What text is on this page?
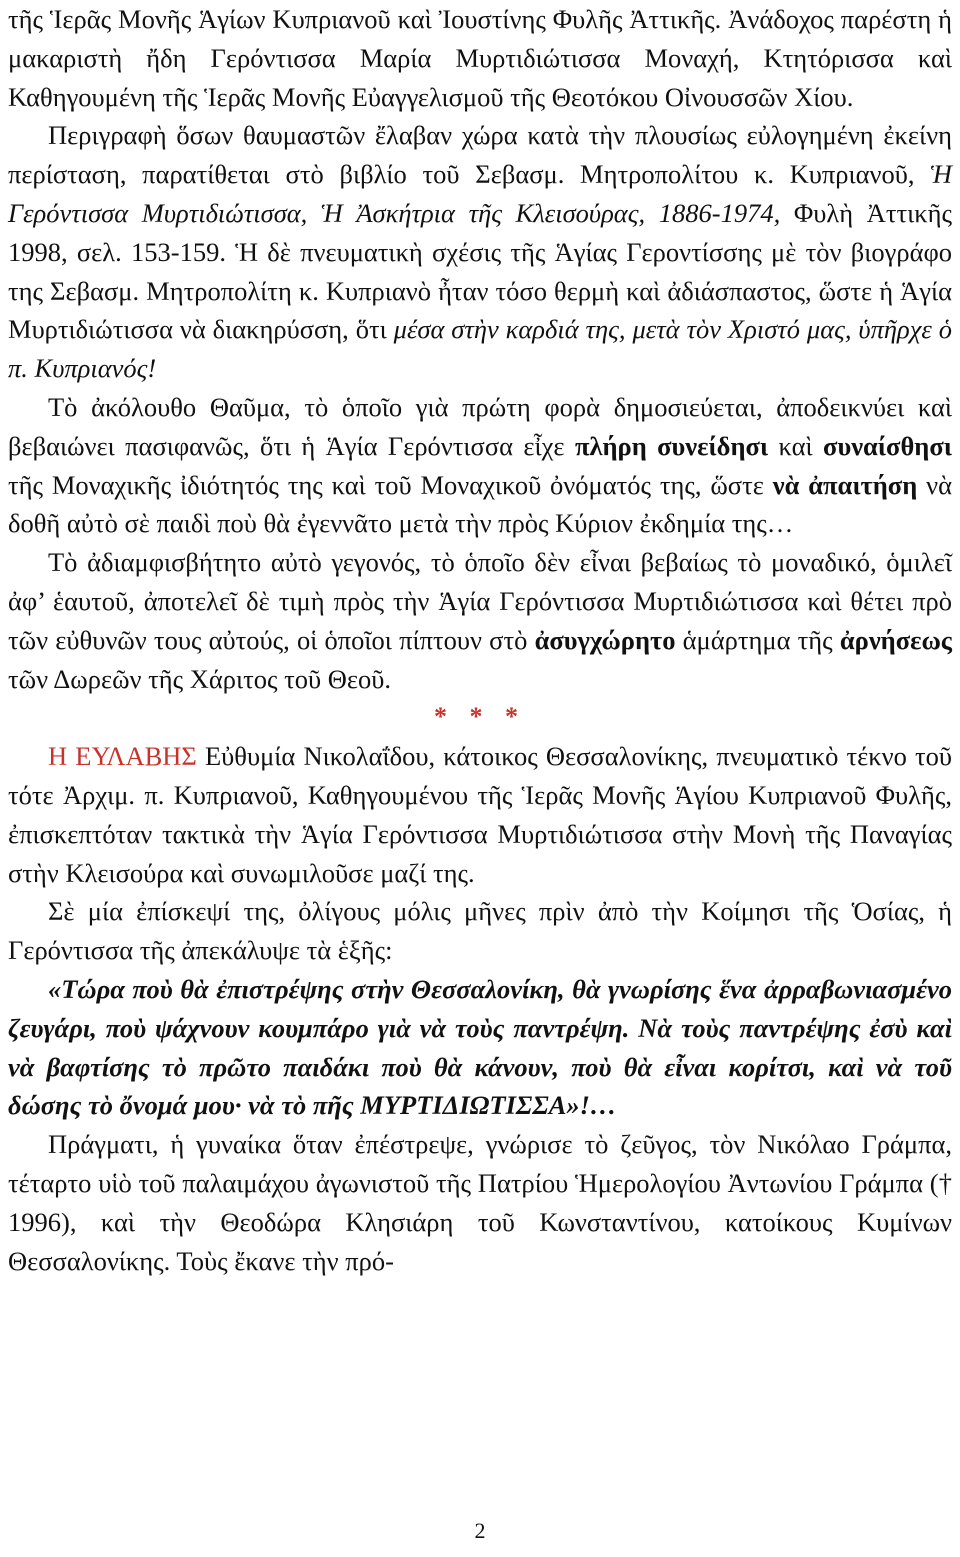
τῆς Ἱερᾶς Μονῆς Ἁγίων Κυπριανοῦ καὶ Ἰουστίνης Φυλῆς Ἀττικῆς. Ἀνάδοχος παρέστη ἡ μακαριστὴ ἤδη Γερόντισσα Μαρία Μυρτιδιώτισσα Μοναχή, Κτητόρισσα καὶ Καθηγουμένη τῆς Ἱερᾶς Μονῆς Εὐαγγελισμοῦ τῆς Θεοτόκου Οἰνουσσῶν Χίου.

Περιγραφὴ ὅσων θαυμαστῶν ἔλαβαν χώρα κατὰ τὴν πλουσίως εὐλογημένη ἐκείνη περίσταση, παρατίθεται στὸ βιβλίο τοῦ Σεβασμ. Μητροπολίτου κ. Κυπριανοῦ, Ἡ Γερόντισσα Μυρτιδιώτισσα, Ἡ Ἀσκήτρια τῆς Κλεισούρας, 1886-1974, Φυλὴ Ἀττικῆς 1998, σελ. 153-159. Ἡ δὲ πνευματικὴ σχέσις τῆς Ἁγίας Γεροντίσσης μὲ τὸν βιογράφο της Σεβασμ. Μητροπολίτη κ. Κυπριανὸ ἦταν τόσο θερμὴ καὶ ἀδιάσπαστος, ὥστε ἡ Ἁγία Μυρτιδιώτισσα νὰ διακηρύσση, ὅτι μέσα στὴν καρδιά της, μετὰ τὸν Χριστό μας, ὑπῆρχε ὁ π. Κυπριανός!

Τὸ ἀκόλουθο Θαῦμα, τὸ ὁποῖο γιὰ πρώτη φορὰ δημοσιεύεται, ἀποδεικνύει καὶ βεβαιώνει πασιφανῶς, ὅτι ἡ Ἁγία Γερόντισσα εἶχε πλήρη συνείδησι καὶ συναίσθησι τῆς Μοναχικῆς ἰδιότητός της καὶ τοῦ Μοναχικοῦ ὀνόματός της, ὥστε νὰ ἀπαιτήση νὰ δοθῆ αὐτὸ σὲ παιδὶ ποὺ θὰ ἐγεννᾶτο μετὰ τὴν πρὸς Κύριον ἐκδημία της…

Τὸ ἀδιαμφισβήτητο αὐτὸ γεγονός, τὸ ὁποῖο δὲν εἶναι βεβαίως τὸ μοναδικό, ὁμιλεῖ ἀφ’ ἑαυτοῦ, ἀποτελεῖ δὲ τιμὴ πρὸς τὴν Ἁγία Γερόντισσα Μυρτιδιώτισσα καὶ θέτει πρὸ τῶν εὐθυνῶν τους αὐτούς, οἱ ὁποῖοι πίπτουν στὸ ἀσυγχώρητο ἁμάρτημα τῆς ἀρνήσεως τῶν Δωρεῶν τῆς Χάριτος τοῦ Θεοῦ.

* * *

Η ΕΥΛΑΒΗΣ Εὐθυμία Νικολαΐδου, κάτοικος Θεσσαλονίκης, πνευματικὸ τέκνο τοῦ τότε Ἀρχιμ. π. Κυπριανοῦ, Καθηγουμένου τῆς Ἱερᾶς Μονῆς Ἁγίου Κυπριανοῦ Φυλῆς, ἐπισκεπτόταν τακτικὰ τὴν Ἁγία Γερόντισσα Μυρτιδιώτισσα στὴν Μονὴ τῆς Παναγίας στὴν Κλεισούρα καὶ συνωμιλοῦσε μαζί της.

Σὲ μία ἐπίσκεψί της, ὀλίγους μόλις μῆνες πρὶν ἀπὸ τὴν Κοίμησι τῆς Ὁσίας, ἡ Γερόντισσα τῆς ἀπεκάλυψε τὰ ἑξῆς:

«Τώρα ποὺ θὰ ἐπιστρέψης στὴν Θεσσαλονίκη, θὰ γνωρίσης ἕνα ἀρραβωνιασμένο ζευγάρι, ποὺ ψάχνουν κουμπάρο γιὰ νὰ τοὺς παντρέψη. Νὰ τοὺς παντρέψης ἐσὺ καὶ νὰ βαφτίσης τὸ πρῶτο παιδάκι ποὺ θὰ κάνουν, ποὺ θὰ εἶναι κορίτσι, καὶ νὰ τοῦ δώσης τὸ ὄνομά μου· νὰ τὸ πῆς ΜΥΡΤΙΔΙΩΤΙΣΣΑ»!…

Πράγματι, ἡ γυναίκα ὅταν ἐπέστρεψε, γνώρισε τὸ ζεῦγος, τὸν Νικόλαο Γράμπα, τέταρτο υἱὸ τοῦ παλαιμάχου ἀγωνιστοῦ τῆς Πατρίου Ἡμερολογίου Ἀντωνίου Γράμπα († 1996), καὶ τὴν Θεοδώρα Κλησιάρη τοῦ Κωνσταντίνου, κατοίκους Κυμίνων Θεσσαλονίκης. Τοὺς ἔκανε τὴν πρό-

2
